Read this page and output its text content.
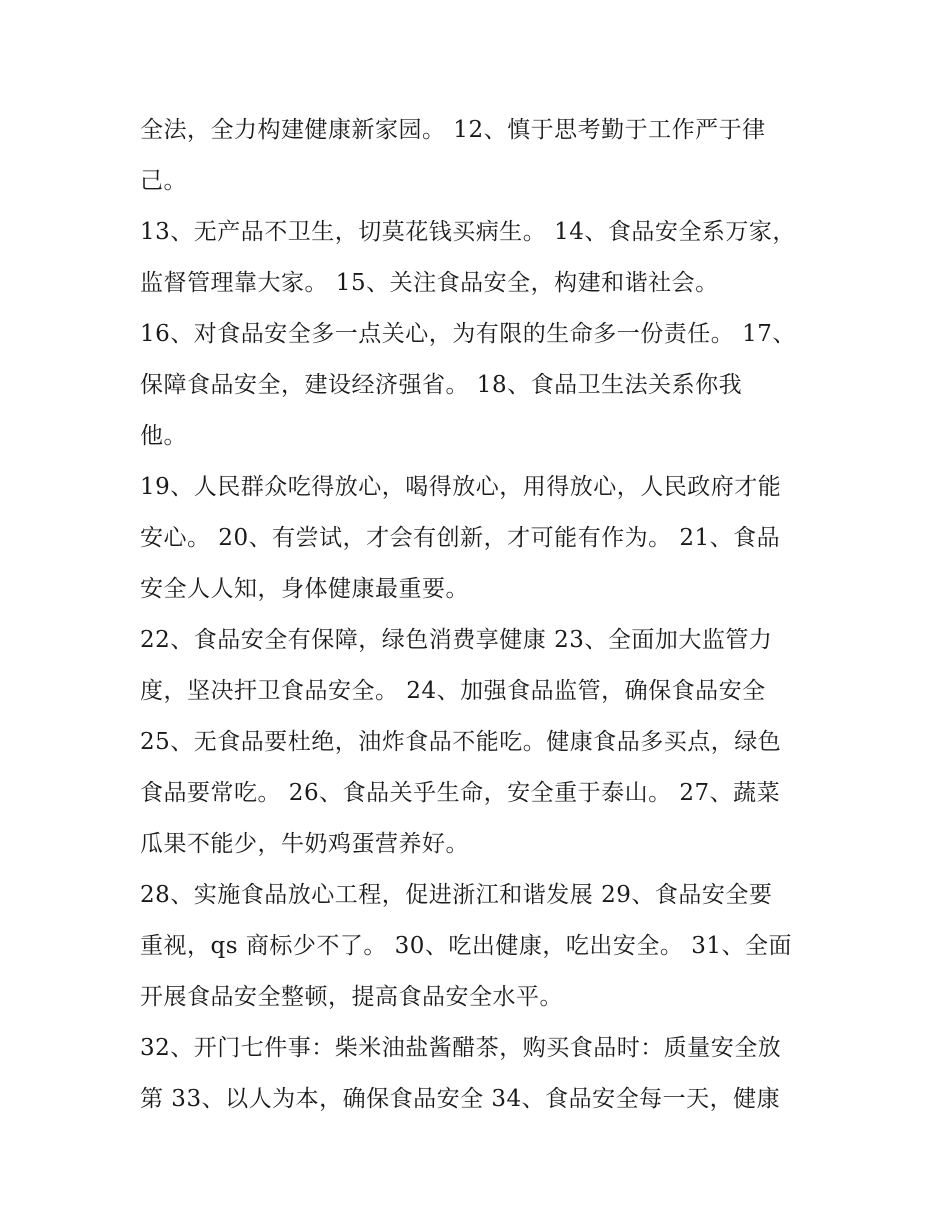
全法，全力构建健康新家园。 12、慎于思考勤于工作严于律

己。

13、无产品不卫生，切莫花钱买病生。 14、食品安全系万家，

监督管理靠大家。 15、关注食品安全，构建和谐社会。

16、对食品安全多一点关心，为有限的生命多一份责任。 17、

保障食品安全，建设经济强省。 18、食品卫生法关系你我

他。

19、人民群众吃得放心，喝得放心，用得放心，人民政府才能

安心。 20、有尝试，才会有创新，才可能有作为。 21、食品

安全人人知，身体健康最重要。

22、食品安全有保障，绿色消费享健康 23、全面加大监管力

度，坚决扞卫食品安全。 24、加强食品监管，确保食品安全

25、无食品要杜绝，油炸食品不能吃。健康食品多买点，绿色

食品要常吃。 26、食品关乎生命，安全重于泰山。 27、蔬菜

瓜果不能少，牛奶鸡蛋营养好。

28、实施食品放心工程，促进浙江和谐发展 29、食品安全要

重视，qs 商标少不了。 30、吃出健康，吃出安全。 31、全面

开展食品安全整顿，提高食品安全水平。

32、开门七件事：柴米油盐酱醋茶，购买食品时：质量安全放

第 33、以人为本，确保食品安全 34、食品安全每一天，健康
